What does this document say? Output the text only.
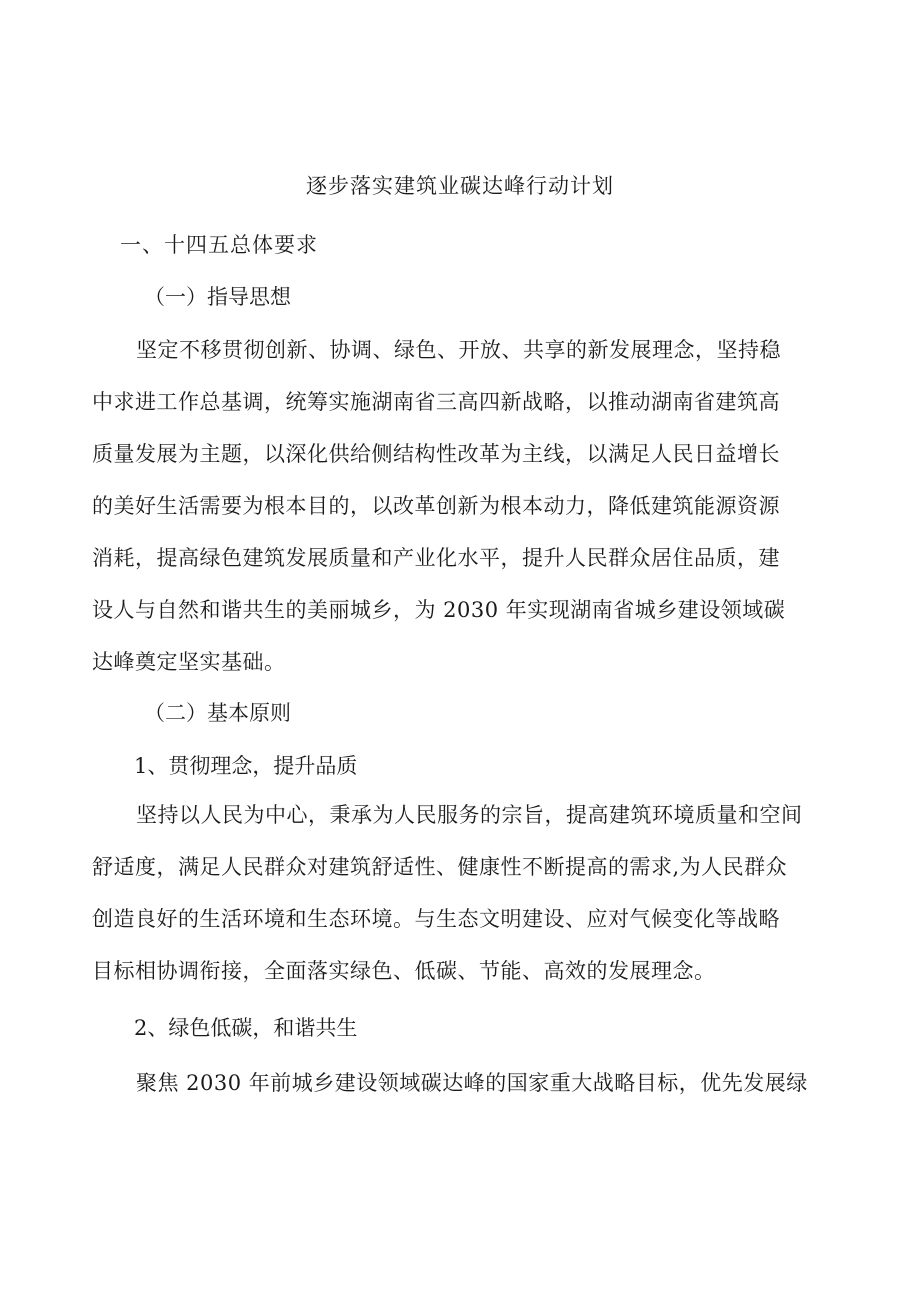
逐步落实建筑业碳达峰行动计划
一、十四五总体要求
（一）指导思想

坚定不移贯彻创新、协调、绿色、开放、共享的新发展理念，坚持稳
中求进工作总基调，统筹实施湖南省三高四新战略，以推动湖南省建筑高
质量发展为主题，以深化供给侧结构性改革为主线，以满足人民日益增长
的美好生活需要为根本目的，以改革创新为根本动力，降低建筑能源资源
消耗，提高绿色建筑发展质量和产业化水平，提升人民群众居住品质，建
设人与自然和谐共生的美丽城乡，为 2030 年实现湖南省城乡建设领域碳
达峰奠定坚实基础。

（二）基本原则
1、贯彻理念，提升品质

坚持以人民为中心，秉承为人民服务的宗旨，提高建筑环境质量和空间
舒适度，满足人民群众对建筑舒适性、健康性不断提高的需求,为人民群众
创造良好的生活环境和生态环境。与生态文明建设、应对气候变化等战略
目标相协调衔接，全面落实绿色、低碳、节能、高效的发展理念。

2、绿色低碳，和谐共生

聚焦 2030 年前城乡建设领域碳达峰的国家重大战略目标，优先发展绿
